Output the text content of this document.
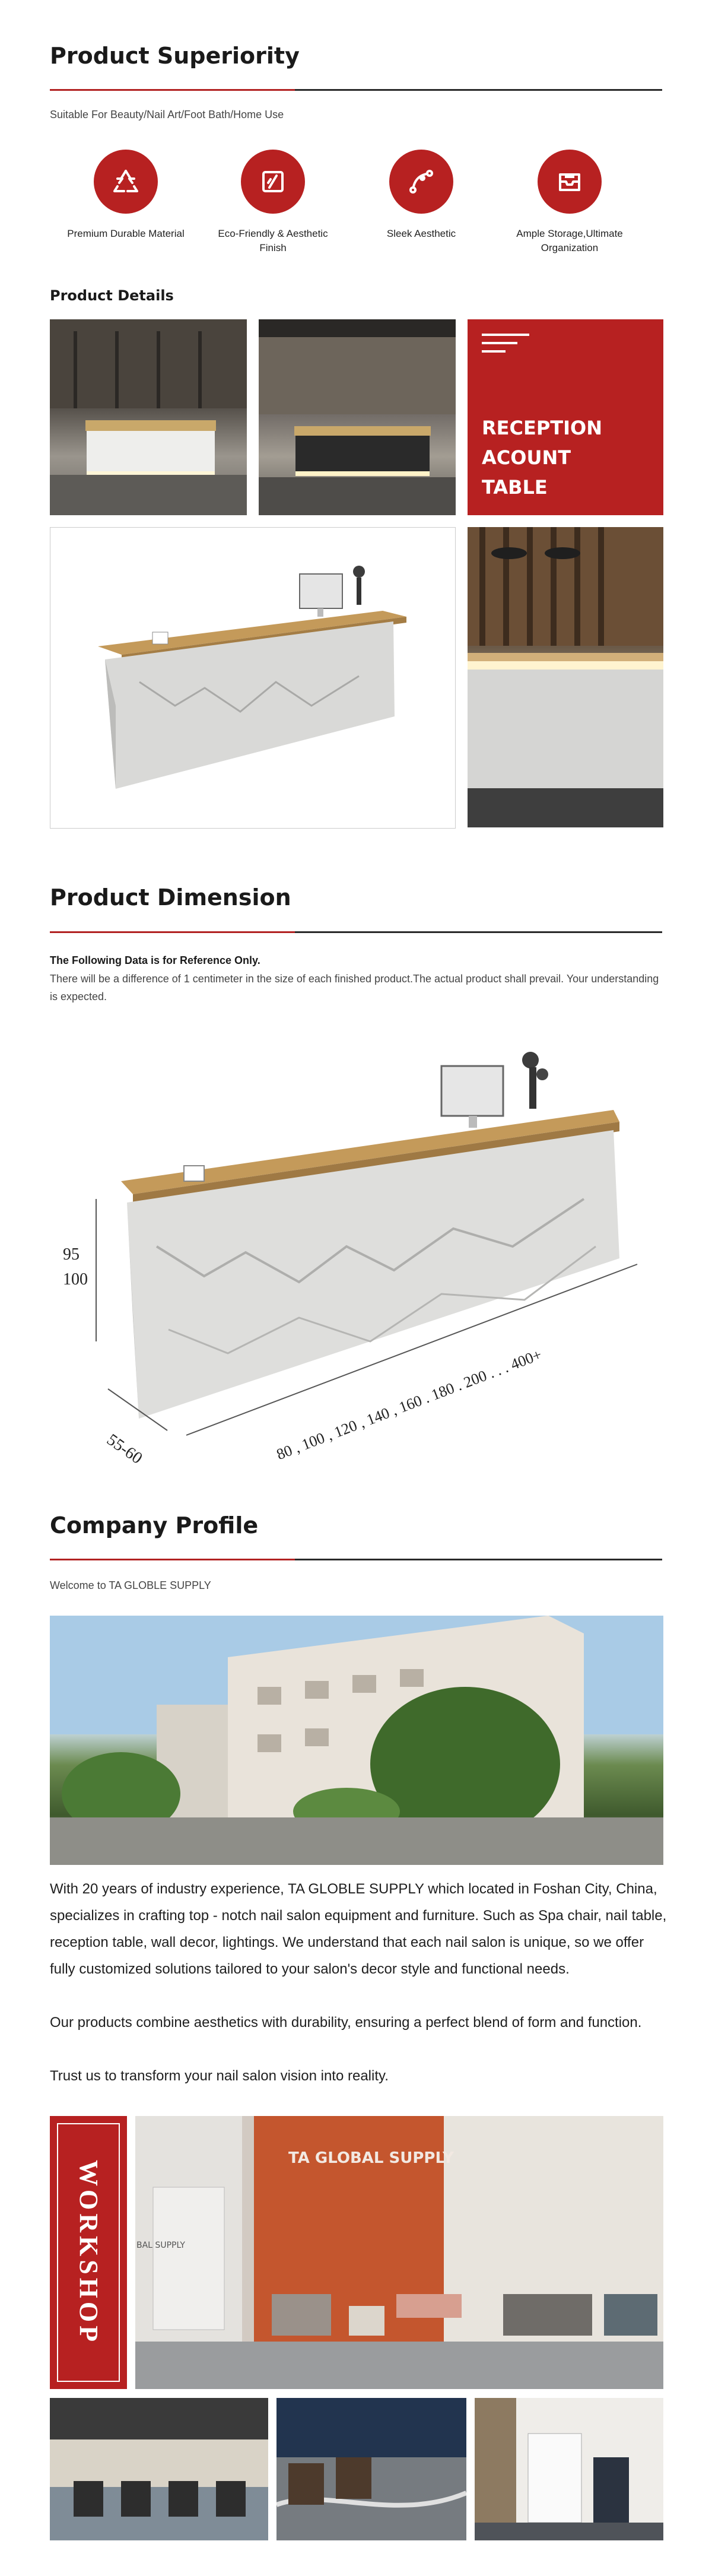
Product Superiority
Suitable For Beauty/Nail Art/Foot Bath/Home Use
Premium Durable Material	Eco-Friendly & Aesthetic Finish
Sleek Aesthetic	Ample Storage,Ultimate Organization
Product Details
RECEPTION
ACOUNT
TABLE
Product Dimension
The Following Data is for Reference Only.
There will be a difference of 1 centimeter in the size of each finished product.The actual product shall prevail. Your understanding is expected.
95
100
55-60	80 , 100 , 120 , 140 , 160 . 180 . 200 . . . 400+
Company Profile
Welcome to TA GLOBLE SUPPLY
With 20 years of industry experience, TA GLOBLE SUPPLY which located in Foshan City, China, specializes in crafting top - notch nail salon equipment and furniture. Such as Spa chair, nail table, reception table, wall decor, lightings. We understand that each nail salon is unique, so we offer fully customized solutions tailored to your salon's decor style and functional needs.
Our products combine aesthetics with durability, ensuring a perfect blend of form and function.
Trust us to transform your nail salon vision into reality.
WORKSHOP
TA GLOBAL SUPPLY
BAL SUPPLY
